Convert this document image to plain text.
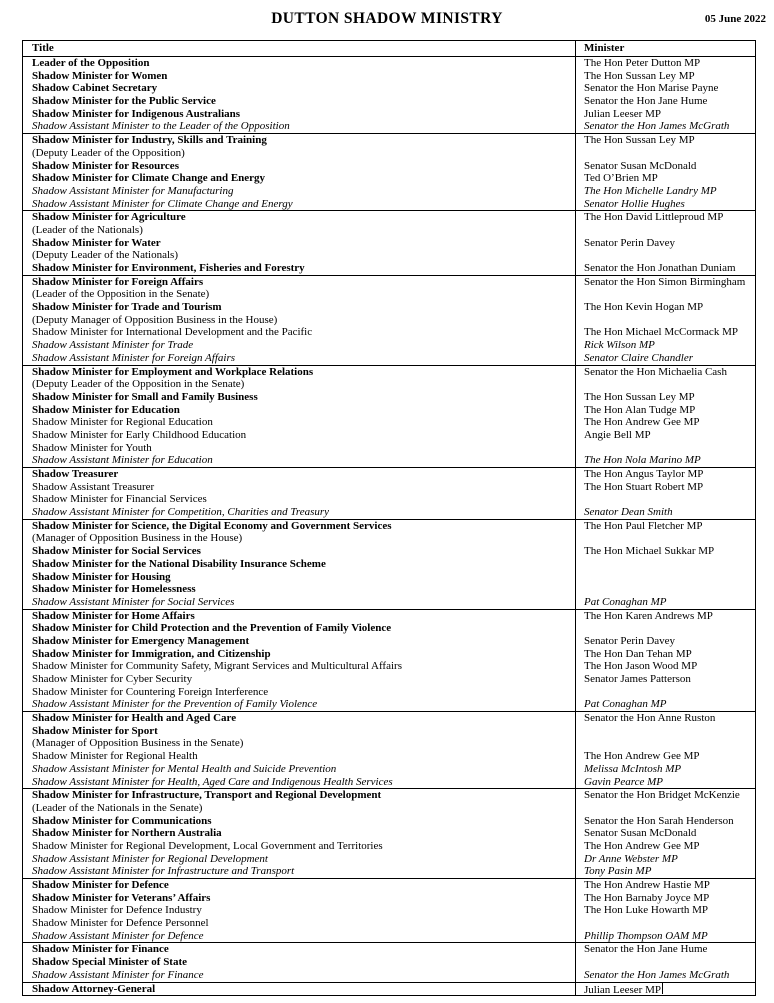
DUTTON SHADOW MINISTRY	05 June 2022
Title	Minister
Leader of the Opposition	The Hon Peter Dutton MP
Shadow Minister for Women	The Hon Sussan Ley MP
Shadow Cabinet Secretary	Senator the Hon Marise Payne
Shadow Minister for the Public Service	Senator the Hon Jane Hume
Shadow Minister for Indigenous Australians	Julian Leeser MP
Shadow Assistant Minister to the Leader of the Opposition	Senator the Hon James McGrath
Shadow Minister for Industry, Skills and Training	The Hon Sussan Ley MP
(Deputy Leader of the Opposition)

Shadow Minister for Resources	Senator Susan McDonald
Shadow Minister for Climate Change and Energy	Ted O’Brien MP
Shadow Assistant Minister for Manufacturing	The Hon Michelle Landry MP
Shadow Assistant Minister for Climate Change and Energy	Senator Hollie Hughes
Shadow Minister for Agriculture	The Hon David Littleproud MP
(Leader of the Nationals)

Shadow Minister for Water	Senator Perin Davey
(Deputy Leader of the Nationals)

Shadow Minister for Environment, Fisheries and Forestry	Senator the Hon Jonathan Duniam
Shadow Minister for Foreign Affairs	Senator the Hon Simon Birmingham
(Leader of the Opposition in the Senate)

Shadow Minister for Trade and Tourism	The Hon Kevin Hogan MP
(Deputy Manager of Opposition Business in the House)

Shadow Minister for International Development and the Pacific	The Hon Michael McCormack MP
Shadow Assistant Minister for Trade	Rick Wilson MP
Shadow Assistant Minister for Foreign Affairs	Senator Claire Chandler
Shadow Minister for Employment and Workplace Relations	Senator the Hon Michaelia Cash
(Deputy Leader of the Opposition in the Senate)

Shadow Minister for Small and Family Business	The Hon Sussan Ley MP
Shadow Minister for Education	The Hon Alan Tudge MP
Shadow Minister for Regional Education	The Hon Andrew Gee MP
Shadow Minister for Early Childhood Education	Angie Bell MP
Shadow Minister for Youth

Shadow Assistant Minister for Education	The Hon Nola Marino MP
Shadow Treasurer	The Hon Angus Taylor MP
Shadow Assistant Treasurer	The Hon Stuart Robert MP
Shadow Minister for Financial Services

Shadow Assistant Minister for Competition, Charities and Treasury	Senator Dean Smith
Shadow Minister for Science, the Digital Economy and Government Services	The Hon Paul Fletcher MP
(Manager of Opposition Business in the House)

Shadow Minister for Social Services	The Hon Michael Sukkar MP
Shadow Minister for the National Disability Insurance Scheme

Shadow Minister for Housing

Shadow Minister for Homelessness

Shadow Assistant Minister for Social Services	Pat Conaghan MP
Shadow Minister for Home Affairs	The Hon Karen Andrews MP
Shadow Minister for Child Protection and the Prevention of Family Violence

Shadow Minister for Emergency Management	Senator Perin Davey
Shadow Minister for Immigration, and Citizenship	The Hon Dan Tehan MP
Shadow Minister for Community Safety, Migrant Services and Multicultural Affairs	The Hon Jason Wood MP
Shadow Minister for Cyber Security	Senator James Patterson
Shadow Minister for Countering Foreign Interference

Shadow Assistant Minister for the Prevention of Family Violence	Pat Conaghan MP
Shadow Minister for Health and Aged Care	Senator the Hon Anne Ruston
Shadow Minister for Sport

(Manager of Opposition Business in the Senate)

Shadow Minister for Regional Health	The Hon Andrew Gee MP
Shadow Assistant Minister for Mental Health and Suicide Prevention	Melissa McIntosh MP
Shadow Assistant Minister for Health, Aged Care and Indigenous Health Services	Gavin Pearce MP
Shadow Minister for Infrastructure, Transport and Regional Development	Senator the Hon Bridget McKenzie
(Leader of the Nationals in the Senate)

Shadow Minister for Communications	Senator the Hon Sarah Henderson
Shadow Minister for Northern Australia	Senator Susan McDonald
Shadow Minister for Regional Development, Local Government and Territories	The Hon Andrew Gee MP
Shadow Assistant Minister for Regional Development	Dr Anne Webster MP
Shadow Assistant Minister for Infrastructure and Transport	Tony Pasin MP
Shadow Minister for Defence	The Hon Andrew Hastie MP
Shadow Minister for Veterans’ Affairs	The Hon Barnaby Joyce MP
Shadow Minister for Defence Industry	The Hon Luke Howarth MP
Shadow Minister for Defence Personnel

Shadow Assistant Minister for Defence	Phillip Thompson OAM MP
Shadow Minister for Finance	Senator the Hon Jane Hume
Shadow Special Minister of State

Shadow Assistant Minister for Finance	Senator the Hon James McGrath
Shadow Attorney-General	Julian Leeser MP
